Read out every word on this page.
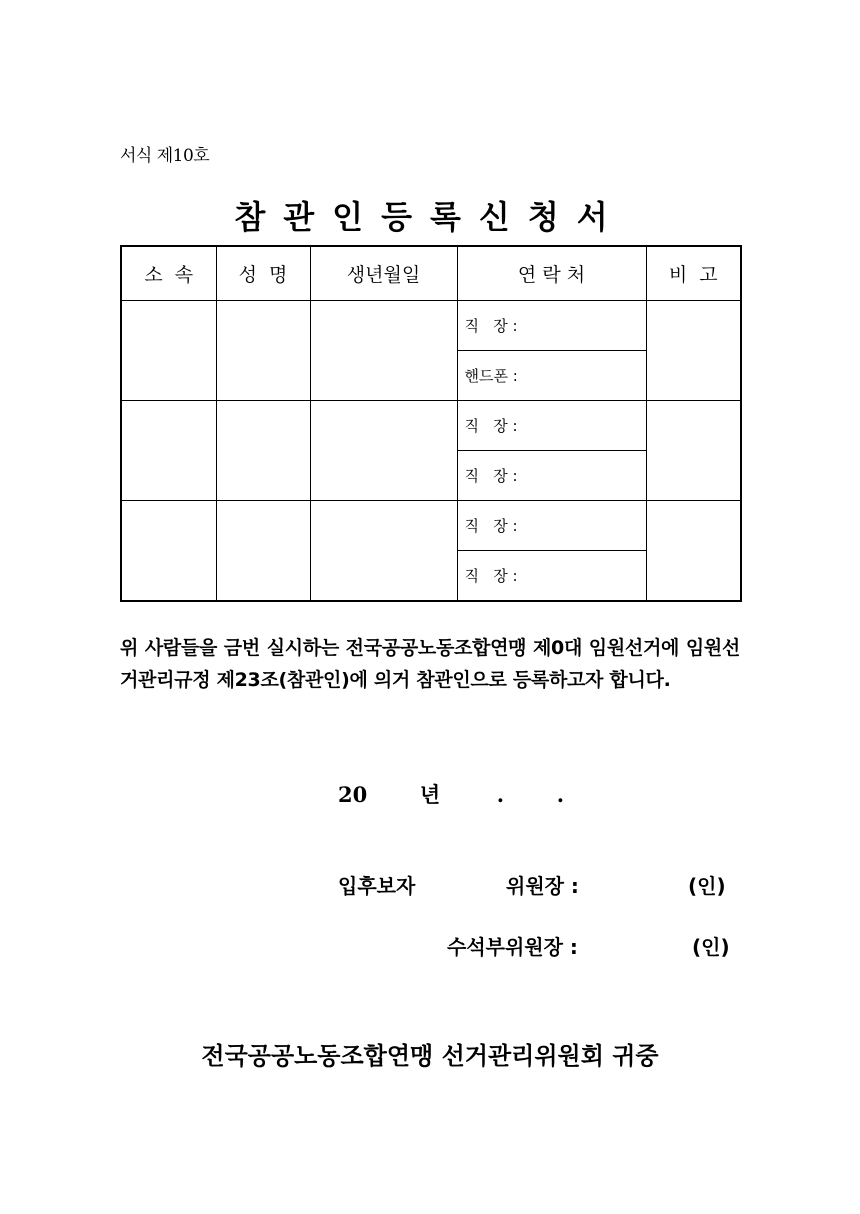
서식 제10호
참관인등록신청서
소  속	성  명	생년월일	연 락 처	비  고
			직   장 :	
			핸드폰 :	
			직   장 :	
			직   장 :	
			직   장 :	
			직   장 :	
위 사람들을 금번 실시하는 전국공공노동조합연맹 제0대 임원선거에 임원선거관리규정 제23조(참관인)에 의거 참관인으로 등록하고자 합니다.
20	년	.	.
입후보자	위원장 :	(인)
수석부위원장 :	(인)
전국공공노동조합연맹 선거관리위원회 귀중
